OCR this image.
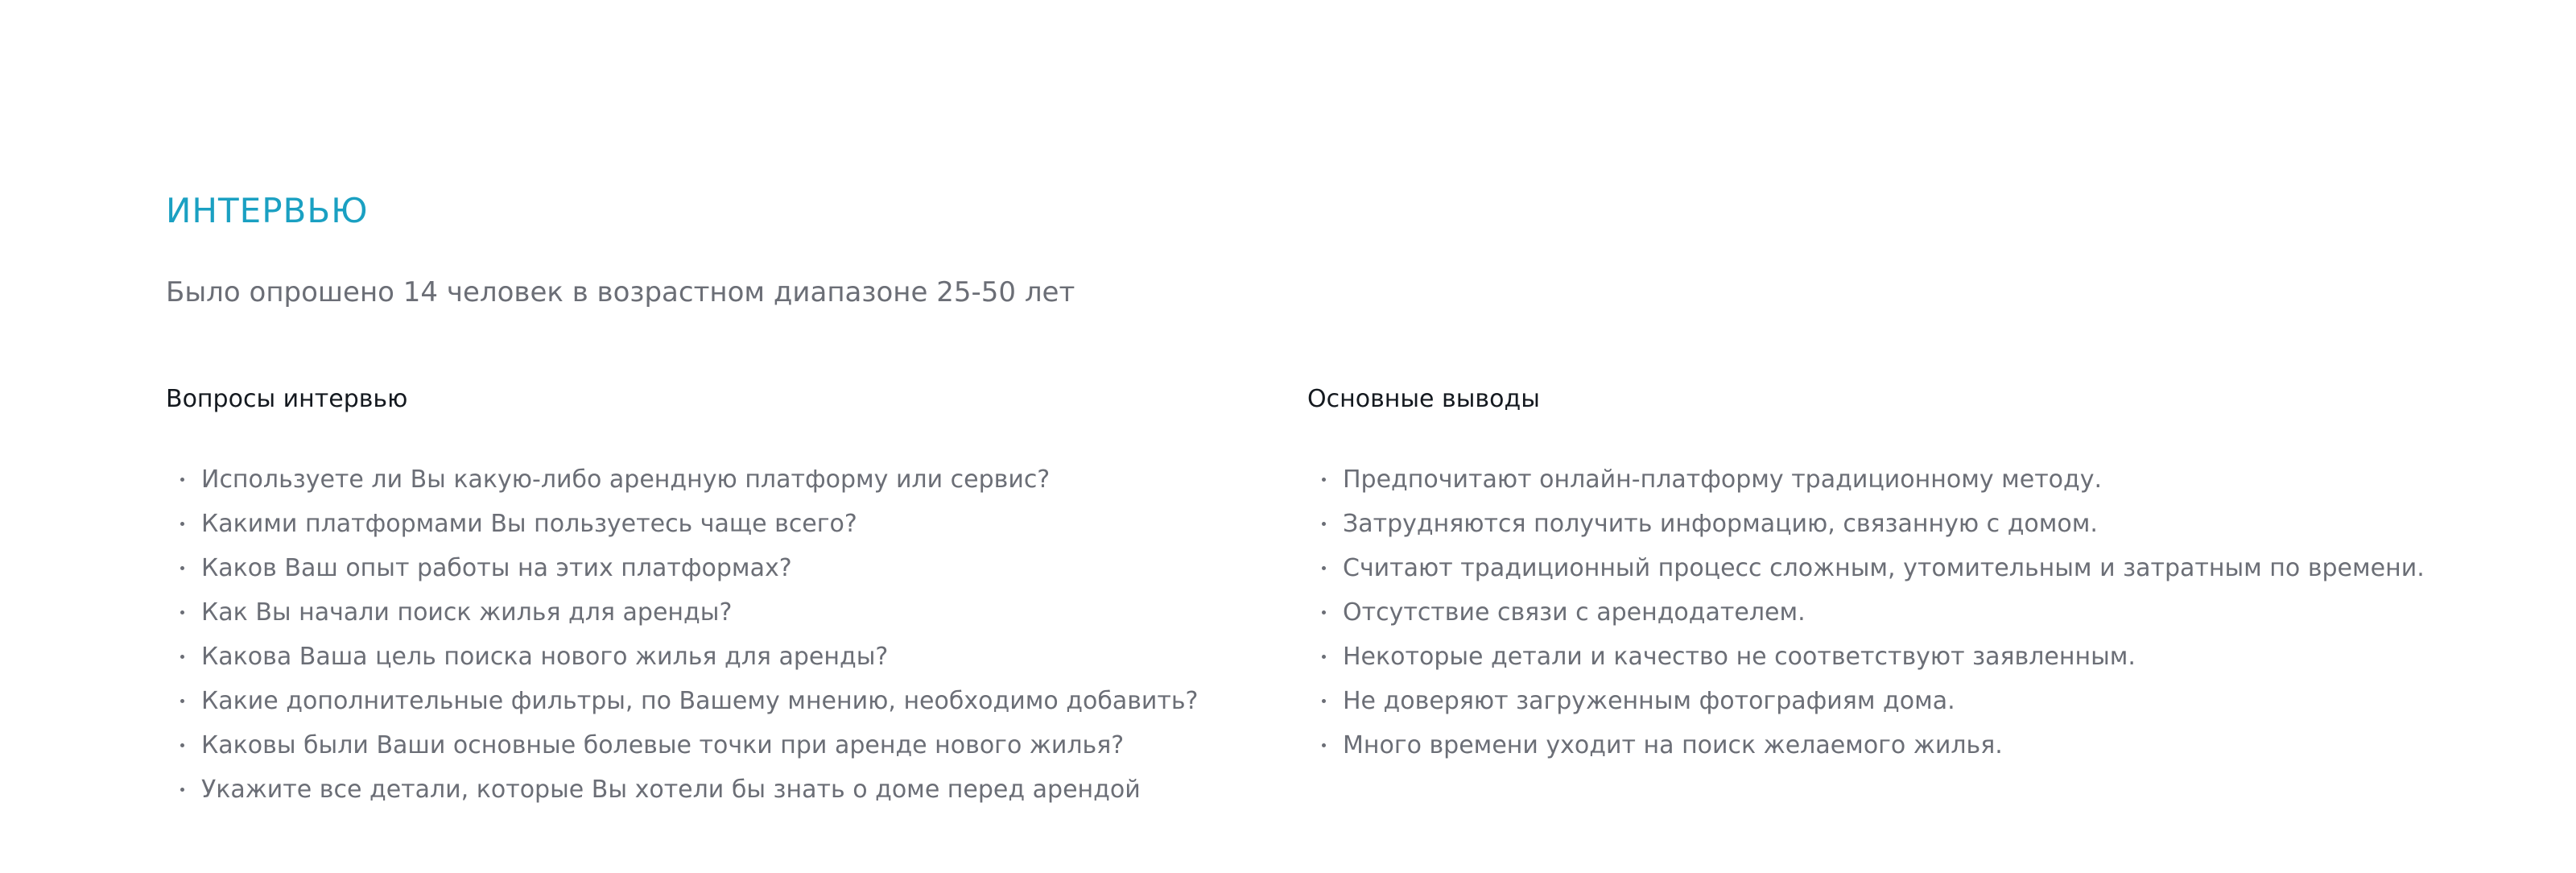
ИНТЕРВЬЮ

Было опрошено 14 человек в возрастном диапазоне 25-50 лет

Вопросы интервью
Используете ли Вы какую-либо арендную платформу или сервис?
Какими платформами Вы пользуетесь чаще всего?
Каков Ваш опыт работы на этих платформах?
Как Вы начали поиск жилья для аренды?
Какова Ваша цель поиска нового жилья для аренды?
Какие дополнительные фильтры, по Вашему мнению, необходимо добавить?
Каковы были Ваши основные болевые точки при аренде нового жилья?
Укажите все детали, которые Вы хотели бы знать о доме перед арендой
Основные выводы
Предпочитают онлайн-платформу традиционному методу.
Затрудняются получить информацию, связанную с домом.
Считают традиционный процесс сложным, утомительным и затратным по времени.
Отсутствие связи с арендодателем.
Некоторые детали и качество не соответствуют заявленным.
Не доверяют загруженным фотографиям дома.
Много времени уходит на поиск желаемого жилья.
